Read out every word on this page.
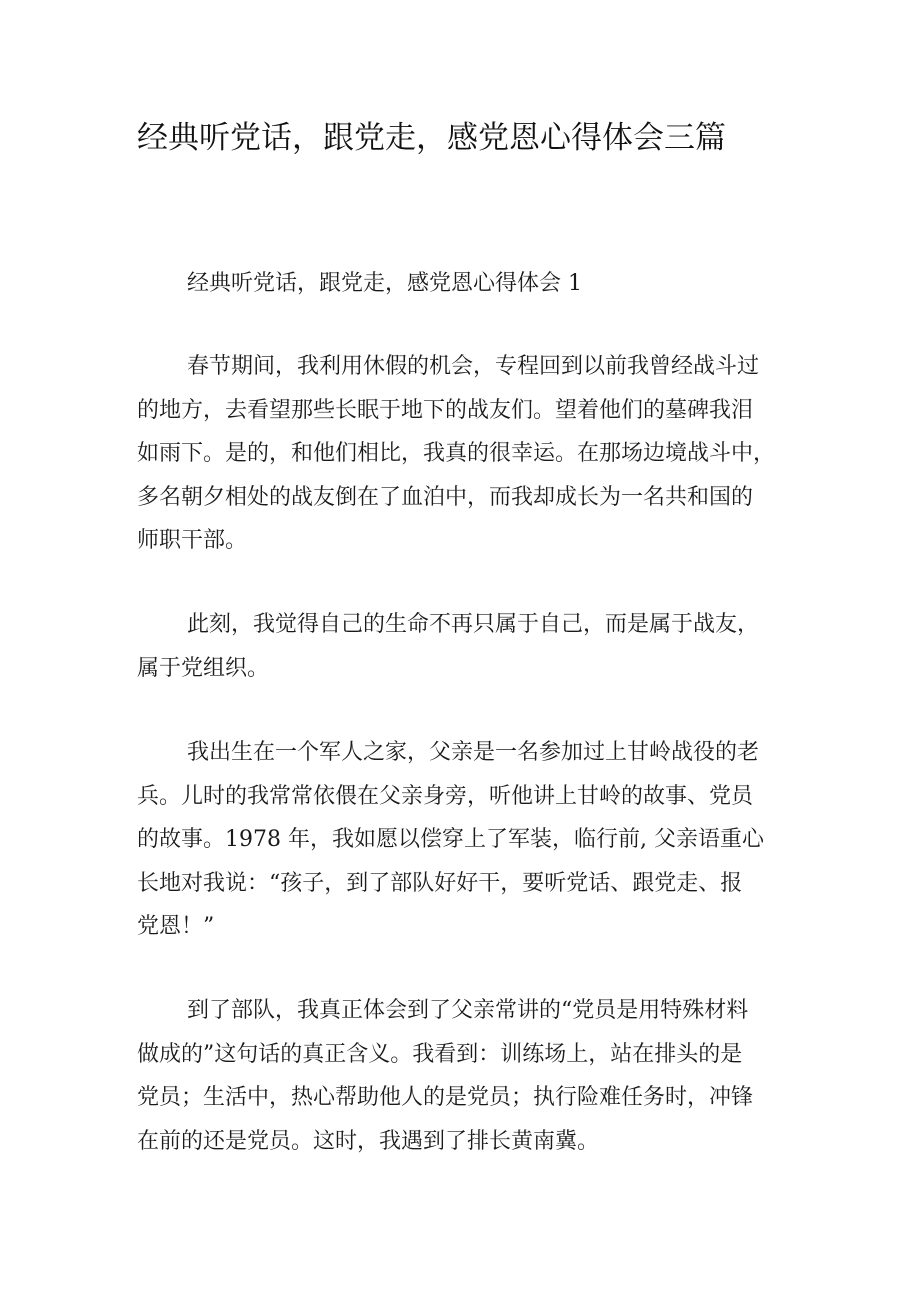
经典听党话，跟党走，感党恩心得体会三篇
经典听党话，跟党走，感党恩心得体会 1
春节期间，我利用休假的机会，专程回到以前我曾经战斗过
的地方，去看望那些长眠于地下的战友们。望着他们的墓碑我泪
如雨下。是的，和他们相比，我真的很幸运。在那场边境战斗中，
多名朝夕相处的战友倒在了血泊中，而我却成长为一名共和国的
师职干部。
此刻，我觉得自己的生命不再只属于自己，而是属于战友，
属于党组织。
我出生在一个军人之家，父亲是一名参加过上甘岭战役的老
兵。儿时的我常常依偎在父亲身旁，听他讲上甘岭的故事、党员
的故事。1978 年，我如愿以偿穿上了军装，临行前, 父亲语重心
长地对我说：“孩子，到了部队好好干，要听党话、跟党走、报
党恩！”
到了部队，我真正体会到了父亲常讲的“党员是用特殊材料
做成的”这句话的真正含义。我看到：训练场上，站在排头的是
党员；生活中，热心帮助他人的是党员；执行险难任务时，冲锋
在前的还是党员。这时，我遇到了排长黄南冀。
